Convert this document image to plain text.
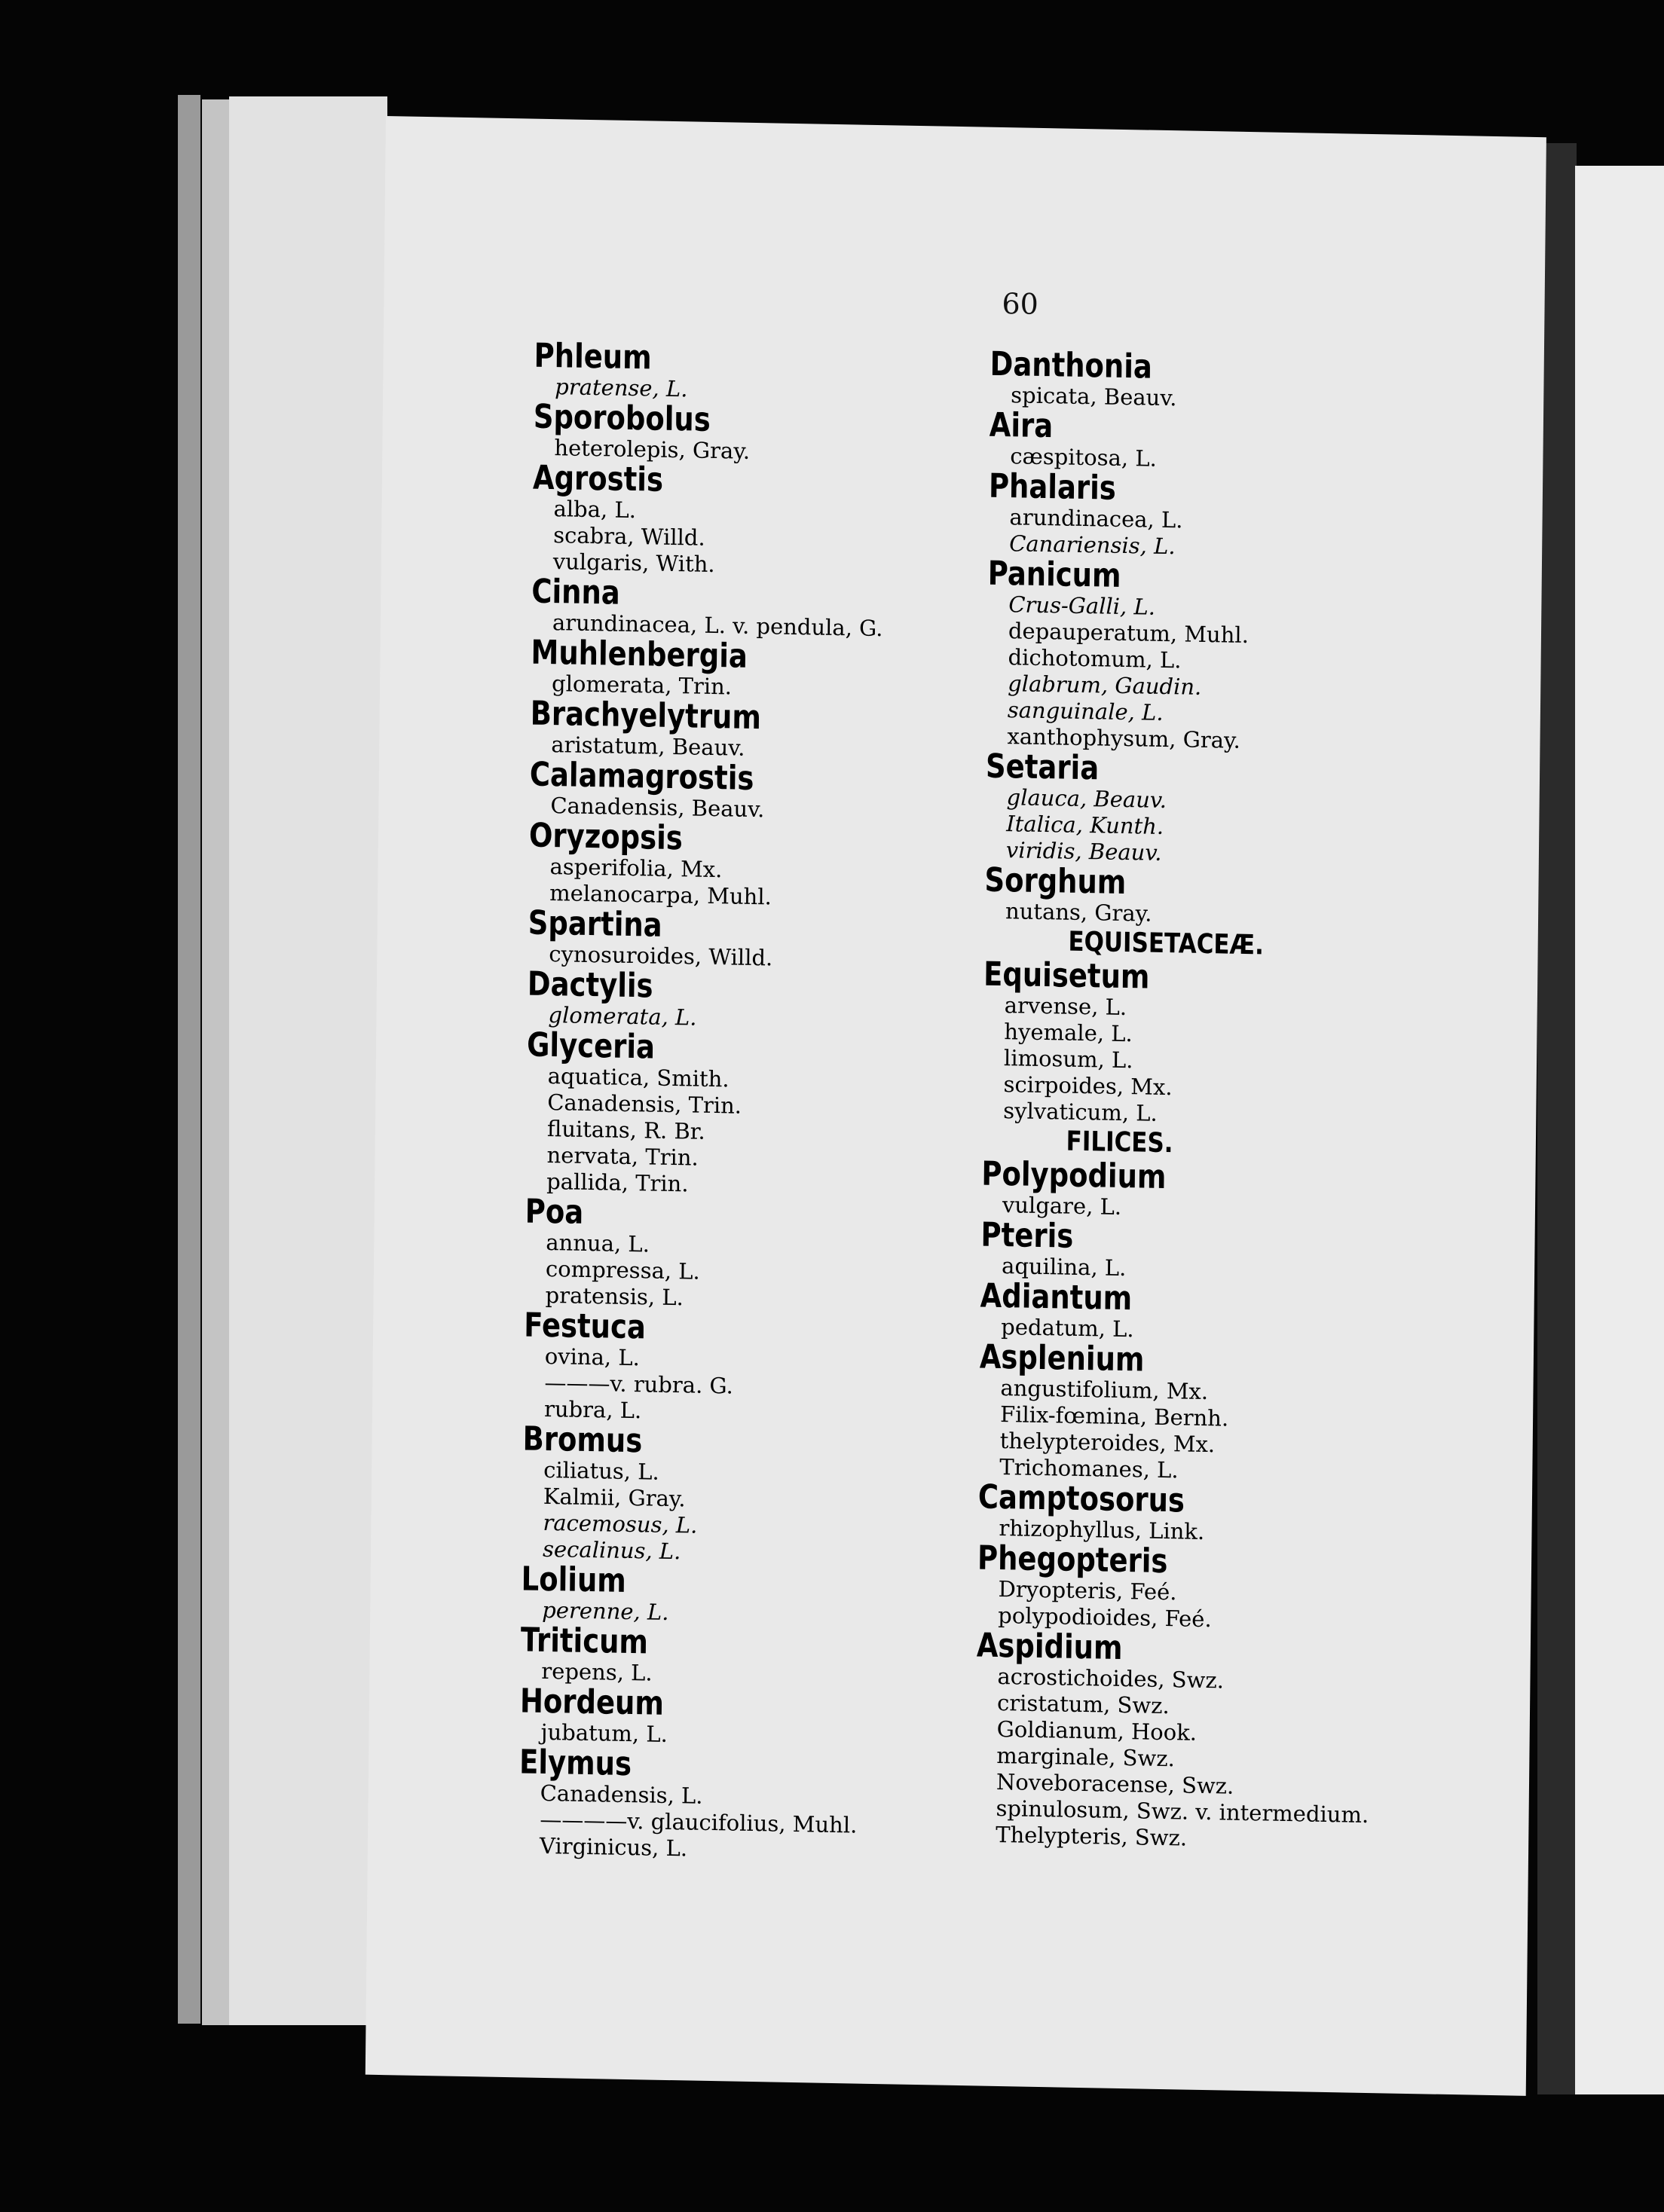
60
Phleum
pratense, L.
Sporobolus
heterolepis, Gray.
Agrostis
alba, L.
scabra, Willd.
vulgaris, With.
Cinna
arundinacea, L. v. pendula, G.
Muhlenbergia
glomerata, Trin.
Brachyelytrum
aristatum, Beauv.
Calamagrostis
Canadensis, Beauv.
Oryzopsis
asperifolia, Mx.
melanocarpa, Muhl.
Spartina
cynosuroides, Willd.
Dactylis
glomerata, L.
Glyceria
aquatica, Smith.
Canadensis, Trin.
fluitans, R. Br.
nervata, Trin.
pallida, Trin.
Poa
annua, L.
compressa, L.
pratensis, L.
Festuca
ovina, L.
———v. rubra. G.
rubra, L.
Bromus
ciliatus, L.
Kalmii, Gray.
racemosus, L.
secalinus, L.
Lolium
perenne, L.
Triticum
repens, L.
Hordeum
jubatum, L.
Elymus
Canadensis, L.
————v. glaucifolius, Muhl.
Virginicus, L.
Danthonia
spicata, Beauv.
Aira
cæspitosa, L.
Phalaris
arundinacea, L.
Canariensis, L.
Panicum
Crus-Galli, L.
depauperatum, Muhl.
dichotomum, L.
glabrum, Gaudin.
sanguinale, L.
xanthophysum, Gray.
Setaria
glauca, Beauv.
Italica, Kunth.
viridis, Beauv.
Sorghum
nutans, Gray.
EQUISETACEÆ.
Equisetum
arvense, L.
hyemale, L.
limosum, L.
scirpoides, Mx.
sylvaticum, L.
FILICES.
Polypodium
vulgare, L.
Pteris
aquilina, L.
Adiantum
pedatum, L.
Asplenium
angustifolium, Mx.
Filix-fœmina, Bernh.
thelypteroides, Mx.
Trichomanes, L.
Camptosorus
rhizophyllus, Link.
Phegopteris
Dryopteris, Feé.
polypodioides, Feé.
Aspidium
acrostichoides, Swz.
cristatum, Swz.
Goldianum, Hook.
marginale, Swz.
Noveboracense, Swz.
spinulosum, Swz. v. intermedium.
Thelypteris, Swz.
